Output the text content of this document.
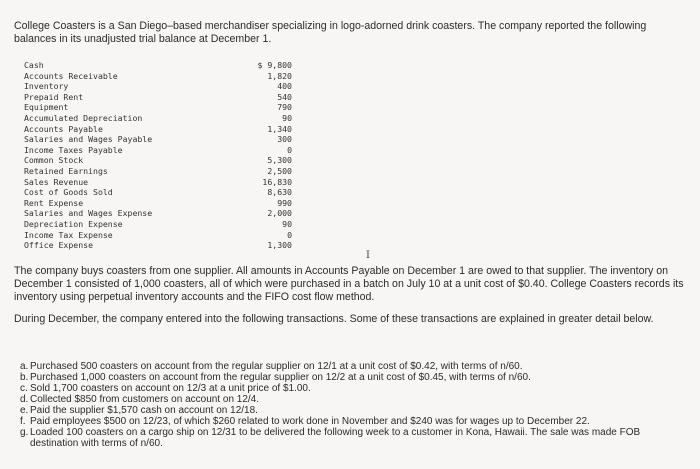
College Coasters is a San Diego–based merchandiser specializing in logo-adorned drink coasters. The company reported the following balances in its unadjusted trial balance at December 1.
Cash	$ 9,800
Accounts Receivable	1,820
Inventory	400
Prepaid Rent	540
Equipment	790
Accumulated Depreciation	90
Accounts Payable	1,340
Salaries and Wages Payable	300
Income Taxes Payable	0
Common Stock	5,300
Retained Earnings	2,500
Sales Revenue	16,830
Cost of Goods Sold	8,630
Rent Expense	990
Salaries and Wages Expense	2,000
Depreciation Expense	90
Income Tax Expense	0
Office Expense	1,300
I
The company buys coasters from one supplier. All amounts in Accounts Payable on December 1 are owed to that supplier. The inventory on December 1 consisted of 1,000 coasters, all of which were purchased in a batch on July 10 at a unit cost of $0.40. College Coasters records its inventory using perpetual inventory accounts and the FIFO cost flow method.
During December, the company entered into the following transactions. Some of these transactions are explained in greater detail below.
a. Purchased 500 coasters on account from the regular supplier on 12/1 at a unit cost of $0.42, with terms of n/60.
b. Purchased 1,000 coasters on account from the regular supplier on 12/2 at a unit cost of $0.45, with terms of n/60.
c. Sold 1,700 coasters on account on 12/3 at a unit price of $1.00.
d. Collected $850 from customers on account on 12/4.
e. Paid the supplier $1,570 cash on account on 12/18.
f. Paid employees $500 on 12/23, of which $260 related to work done in November and $240 was for wages up to December 22.
g. Loaded 100 coasters on a cargo ship on 12/31 to be delivered the following week to a customer in Kona, Hawaii. The sale was made FOB destination with terms of n/60.
